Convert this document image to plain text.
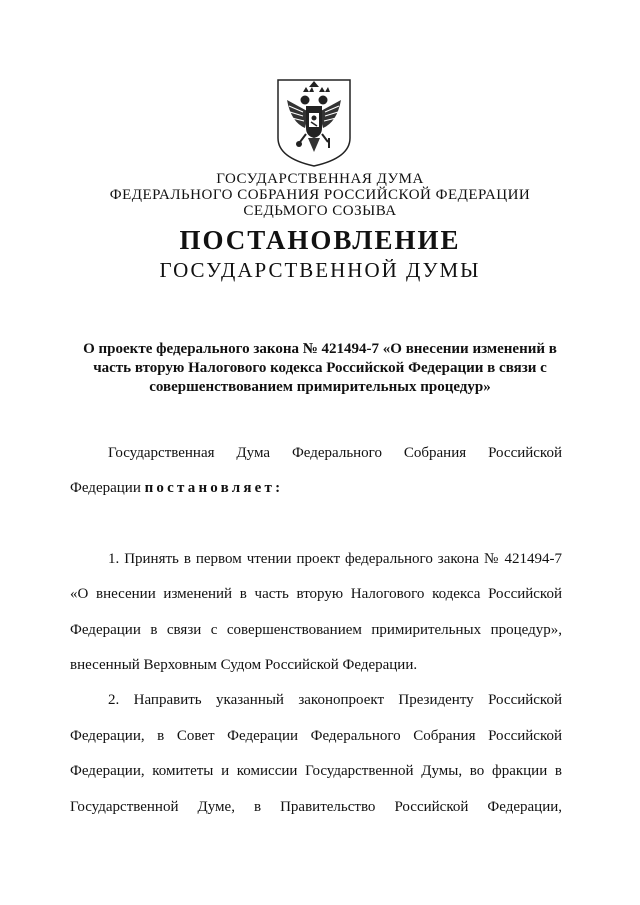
ГОСУДАРСТВЕННАЯ ДУМА
ФЕДЕРАЛЬНОГО СОБРАНИЯ РОССИЙСКОЙ ФЕДЕРАЦИИ
СЕДЬМОГО СОЗЫВА
ПОСТАНОВЛЕНИЕ
ГОСУДАРСТВЕННОЙ ДУМЫ
О проекте федерального закона № 421494-7 «О внесении изменений в
часть вторую Налогового кодекса Российской Федерации в связи с
совершенствованием примирительных процедур»
Государственная Дума Федерального Собрания Российской
Федерации постановляет:
1. Принять в первом чтении проект федерального закона № 421494-7
«О внесении изменений в часть вторую Налогового кодекса Российской
Федерации в связи с совершенствованием примирительных процедур»,
внесенный Верховным Судом Российской Федерации.
2. Направить указанный законопроект Президенту Российской
Федерации, в Совет Федерации Федерального Собрания Российской
Федерации, комитеты и комиссии Государственной Думы, во фракции в
Государственной Думе, в Правительство Российской Федерации,
